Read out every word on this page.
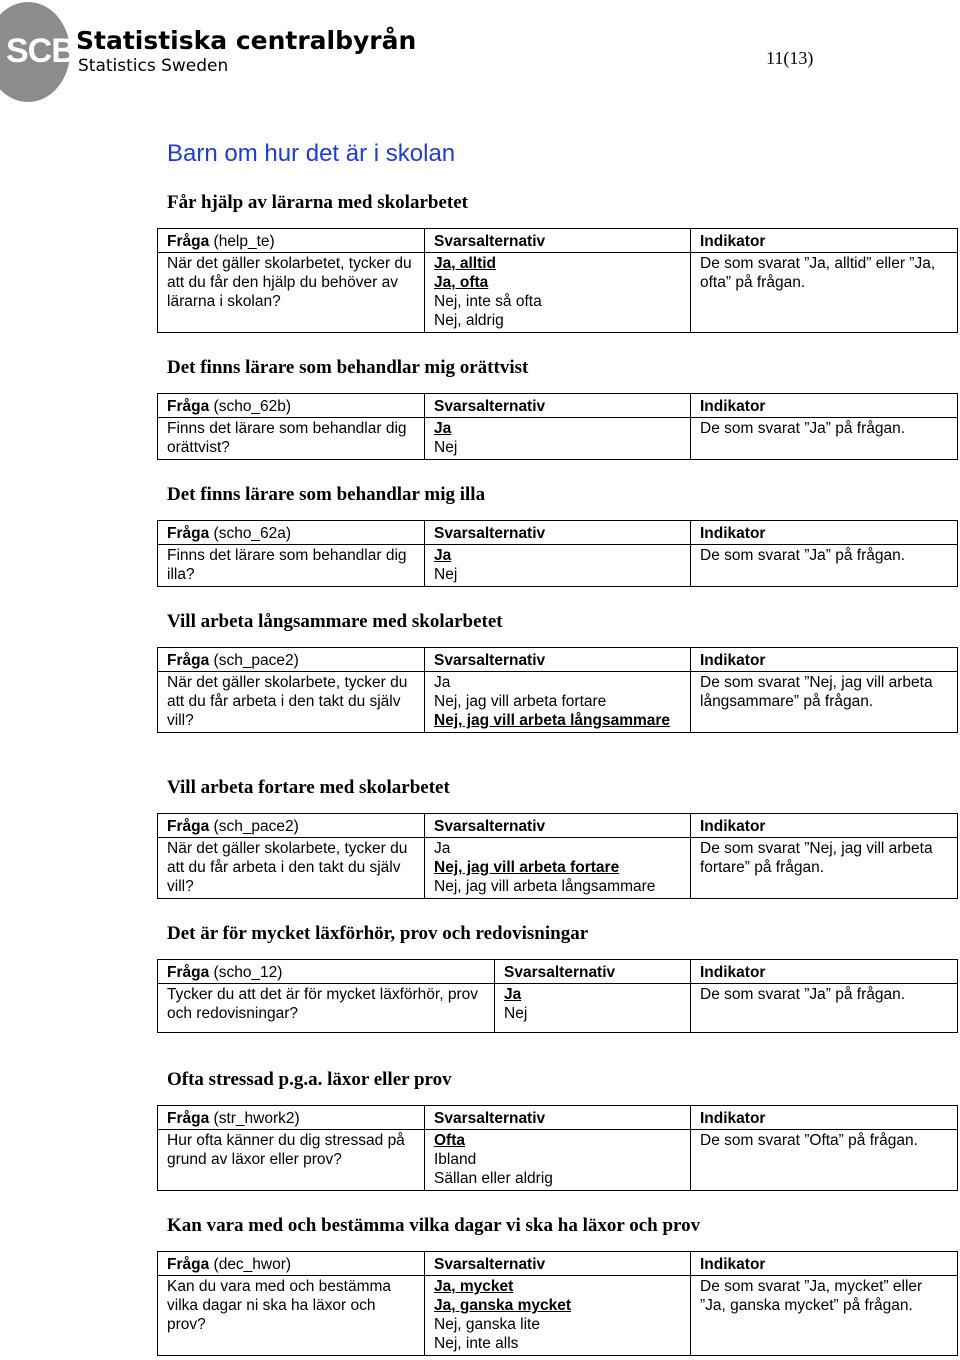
SCB Statistiska centralbyrån
Statistics Sweden	11(13)
Barn om hur det är i skolan
Får hjälp av lärarna med skolarbetet
Fråga (help_te)	Svarsalternativ	Indikator
När det gäller skolarbetet, tycker du att du får den hjälp du behöver av lärarna i skolan?	Ja, alltid
Ja, ofta
Nej, inte så ofta
Nej, aldrig	De som svarat ”Ja, alltid” eller ”Ja, ofta” på frågan.
Det finns lärare som behandlar mig orättvist
Fråga (scho_62b)	Svarsalternativ	Indikator
Finns det lärare som behandlar dig orättvist?	Ja
Nej	De som svarat ”Ja” på frågan.
Det finns lärare som behandlar mig illa
Fråga (scho_62a)	Svarsalternativ	Indikator
Finns det lärare som behandlar dig illa?	Ja
Nej	De som svarat ”Ja” på frågan.
Vill arbeta långsammare med skolarbetet
Fråga (sch_pace2)	Svarsalternativ	Indikator
När det gäller skolarbete, tycker du att du får arbeta i den takt du själv vill?	Ja
Nej, jag vill arbeta fortare
Nej, jag vill arbeta långsammare	De som svarat ”Nej, jag vill arbeta långsammare” på frågan.
Vill arbeta fortare med skolarbetet
Fråga (sch_pace2)	Svarsalternativ	Indikator
När det gäller skolarbete, tycker du att du får arbeta i den takt du själv vill?	Ja
Nej, jag vill arbeta fortare
Nej, jag vill arbeta långsammare	De som svarat ”Nej, jag vill arbeta fortare” på frågan.
Det är för mycket läxförhör, prov och redovisningar
Fråga (scho_12)	Svarsalternativ	Indikator
Tycker du att det är för mycket läxförhör, prov och redovisningar?	Ja
Nej	De som svarat ”Ja” på frågan.
Ofta stressad p.g.a. läxor eller prov
Fråga (str_hwork2)	Svarsalternativ	Indikator
Hur ofta känner du dig stressad på grund av läxor eller prov?	Ofta
Ibland
Sällan eller aldrig	De som svarat ”Ofta” på frågan.
Kan vara med och bestämma vilka dagar vi ska ha läxor och prov
Fråga (dec_hwor)	Svarsalternativ	Indikator
Kan du vara med och bestämma vilka dagar ni ska ha läxor och prov?	Ja, mycket
Ja, ganska mycket
Nej, ganska lite
Nej, inte alls	De som svarat ”Ja, mycket” eller ”Ja, ganska mycket” på frågan.
